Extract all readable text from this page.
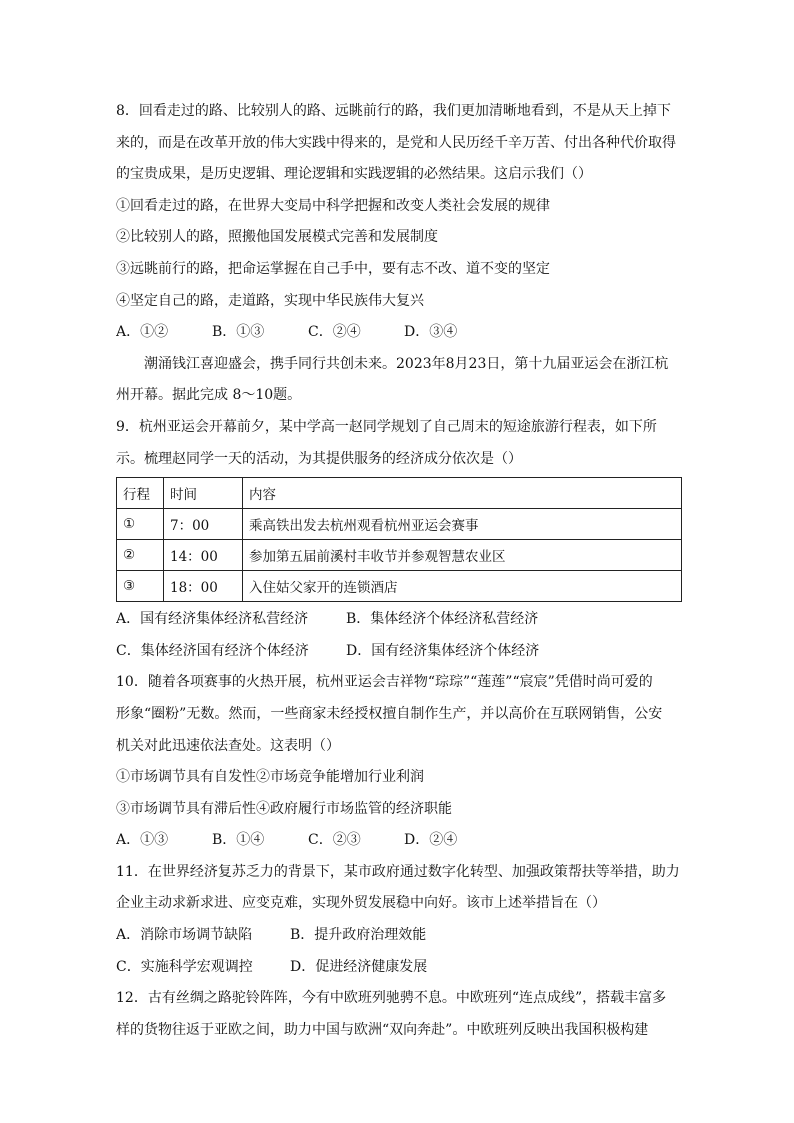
8．回看走过的路、比较别人的路、远眺前行的路，我们更加清晰地看到，不是从天上掉下
来的，而是在改革开放的伟大实践中得来的，是党和人民历经千辛万苦、付出各种代价取得
的宝贵成果，是历史逻辑、理论逻辑和实践逻辑的必然结果。这启示我们（）
①回看走过的路，在世界大变局中科学把握和改变人类社会发展的规律
②比较别人的路，照搬他国发展模式完善和发展制度
③远眺前行的路，把命运掌握在自己手中，要有志不改、道不变的坚定
④坚定自己的路，走道路，实现中华民族伟大复兴
A．①②	B．①③	C．②④	D．③④
潮涌钱江喜迎盛会，携手同行共创未来。2023年8月23日，第十九届亚运会在浙江杭
州开幕。据此完成 8～10题。
9．杭州亚运会开幕前夕，某中学高一赵同学规划了自己周末的短途旅游行程表，如下所
示。梳理赵同学一天的活动，为其提供服务的经济成分依次是（）
行程	时间	内容
①	7：00	乘高铁出发去杭州观看杭州亚运会赛事
②	14：00	参加第五届前溪村丰收节并参观智慧农业区
③	18：00	入住姑父家开的连锁酒店
A．国有经济集体经济私营经济	B．集体经济个体经济私营经济
C．集体经济国有经济个体经济	D．国有经济集体经济个体经济
10．随着各项赛事的火热开展，杭州亚运会吉祥物“琮琮”“莲莲”“宸宸”凭借时尚可爱的
形象“圈粉”无数。然而，一些商家未经授权擅自制作生产，并以高价在互联网销售，公安
机关对此迅速依法查处。这表明（）
①市场调节具有自发性②市场竞争能增加行业利润
③市场调节具有滞后性④政府履行市场监管的经济职能
A．①③	B．①④	C．②③	D．②④
11．在世界经济复苏乏力的背景下，某市政府通过数字化转型、加强政策帮扶等举措，助力
企业主动求新求进、应变克难，实现外贸发展稳中向好。该市上述举措旨在（）
A．消除市场调节缺陷	B．提升政府治理效能
C．实施科学宏观调控	D．促进经济健康发展
12．古有丝绸之路驼铃阵阵，今有中欧班列驰骋不息。中欧班列“连点成线”，搭载丰富多
样的货物往返于亚欧之间，助力中国与欧洲“双向奔赴”。中欧班列反映出我国积极构建
